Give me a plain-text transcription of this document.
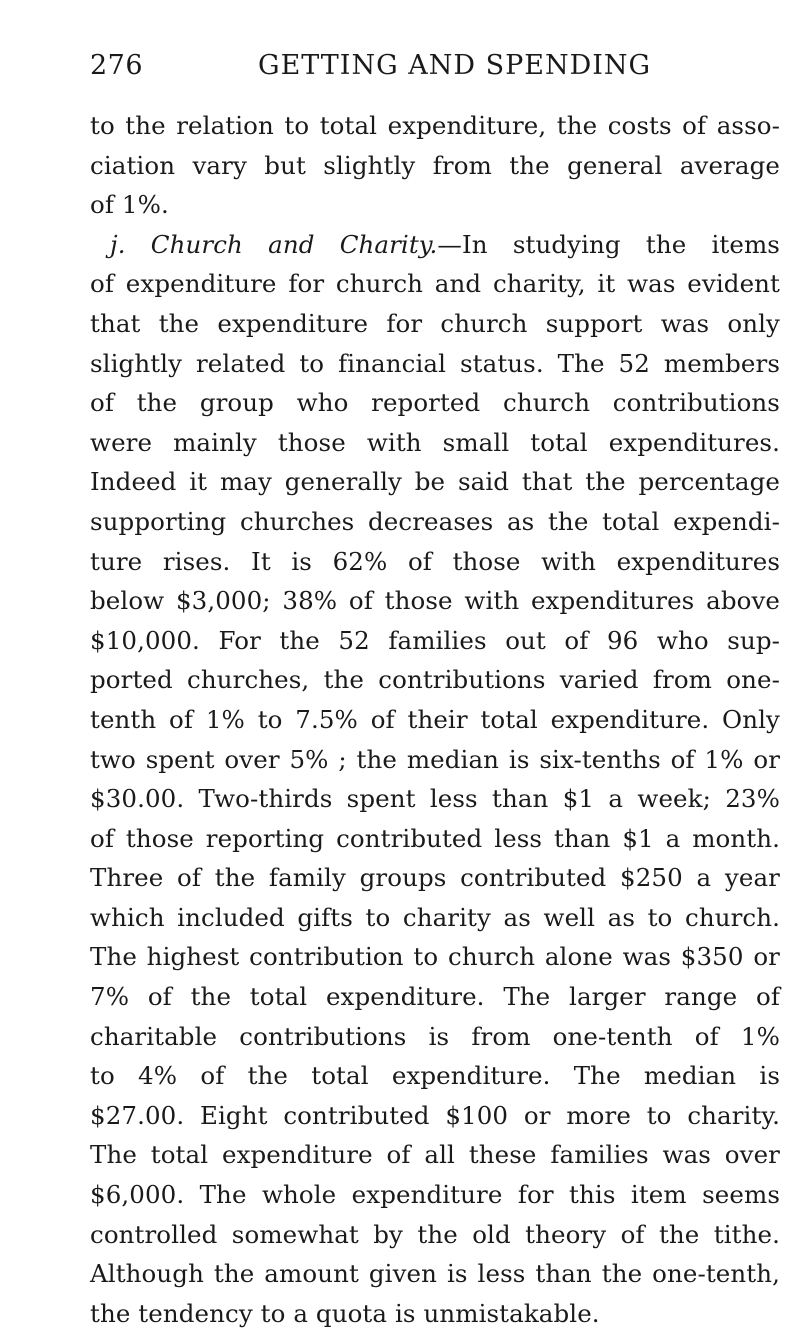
276	GETTING AND SPENDING
to the relation to total expenditure, the costs of asso-
ciation vary but slightly from the general average
of 1%.
j. Church and Charity.—In studying the items
of expenditure for church and charity, it was evident
that the expenditure for church support was only
slightly related to financial status. The 52 members
of the group who reported church contributions
were mainly those with small total expenditures.
Indeed it may generally be said that the percentage
supporting churches decreases as the total expendi-
ture rises. It is 62% of those with expenditures
below $3,000; 38% of those with expenditures above
$10,000. For the 52 families out of 96 who sup-
ported churches, the contributions varied from one-
tenth of 1% to 7.5% of their total expenditure. Only
two spent over 5% ; the median is six-tenths of 1% or
$30.00. Two-thirds spent less than $1 a week; 23%
of those reporting contributed less than $1 a month.
Three of the family groups contributed $250 a year
which included gifts to charity as well as to church.
The highest contribution to church alone was $350 or
7% of the total expenditure. The larger range of
charitable contributions is from one-tenth of 1%
to 4% of the total expenditure. The median is
$27.00. Eight contributed $100 or more to charity.
The total expenditure of all these families was over
$6,000. The whole expenditure for this item seems
controlled somewhat by the old theory of the tithe.
Although the amount given is less than the one-tenth,
the tendency to a quota is unmistakable.
